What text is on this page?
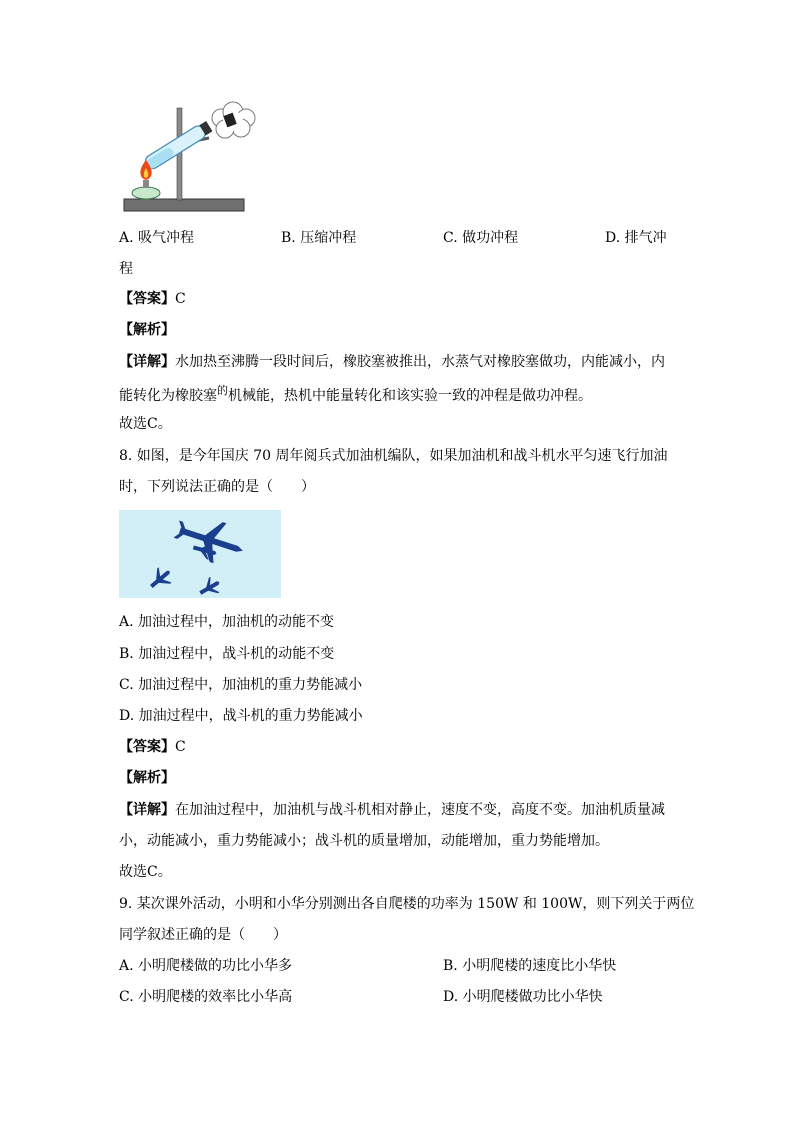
A. 吸气冲程	B. 压缩冲程	C. 做功冲程	D. 排气冲
程
【答案】C
【解析】
【详解】水加热至沸腾一段时间后，橡胶塞被推出，水蒸气对橡胶塞做功，内能减小，内
能转化为橡胶塞$^的$机械能，热机中能量转化和该实验一致的冲程是做功冲程。
故选C。
8. 如图，是今年国庆 70 周年阅兵式加油机编队，如果加油机和战斗机水平匀速飞行加油
时，下列说法正确的是（　　）
A. 加油过程中，加油机的动能不变
B. 加油过程中，战斗机的动能不变
C. 加油过程中，加油机的重力势能减小
D. 加油过程中，战斗机的重力势能减小
【答案】C
【解析】
【详解】在加油过程中，加油机与战斗机相对静止，速度不变，高度不变。加油机质量减
小，动能减小，重力势能减小；战斗机的质量增加，动能增加，重力势能增加。
故选C。
9. 某次课外活动，小明和小华分别测出各自爬楼的功率为 150W 和 100W，则下列关于两位
同学叙述正确的是（　　）
A. 小明爬楼做的功比小华多	B. 小明爬楼的速度比小华快
C. 小明爬楼的效率比小华高	D. 小明爬楼做功比小华快
